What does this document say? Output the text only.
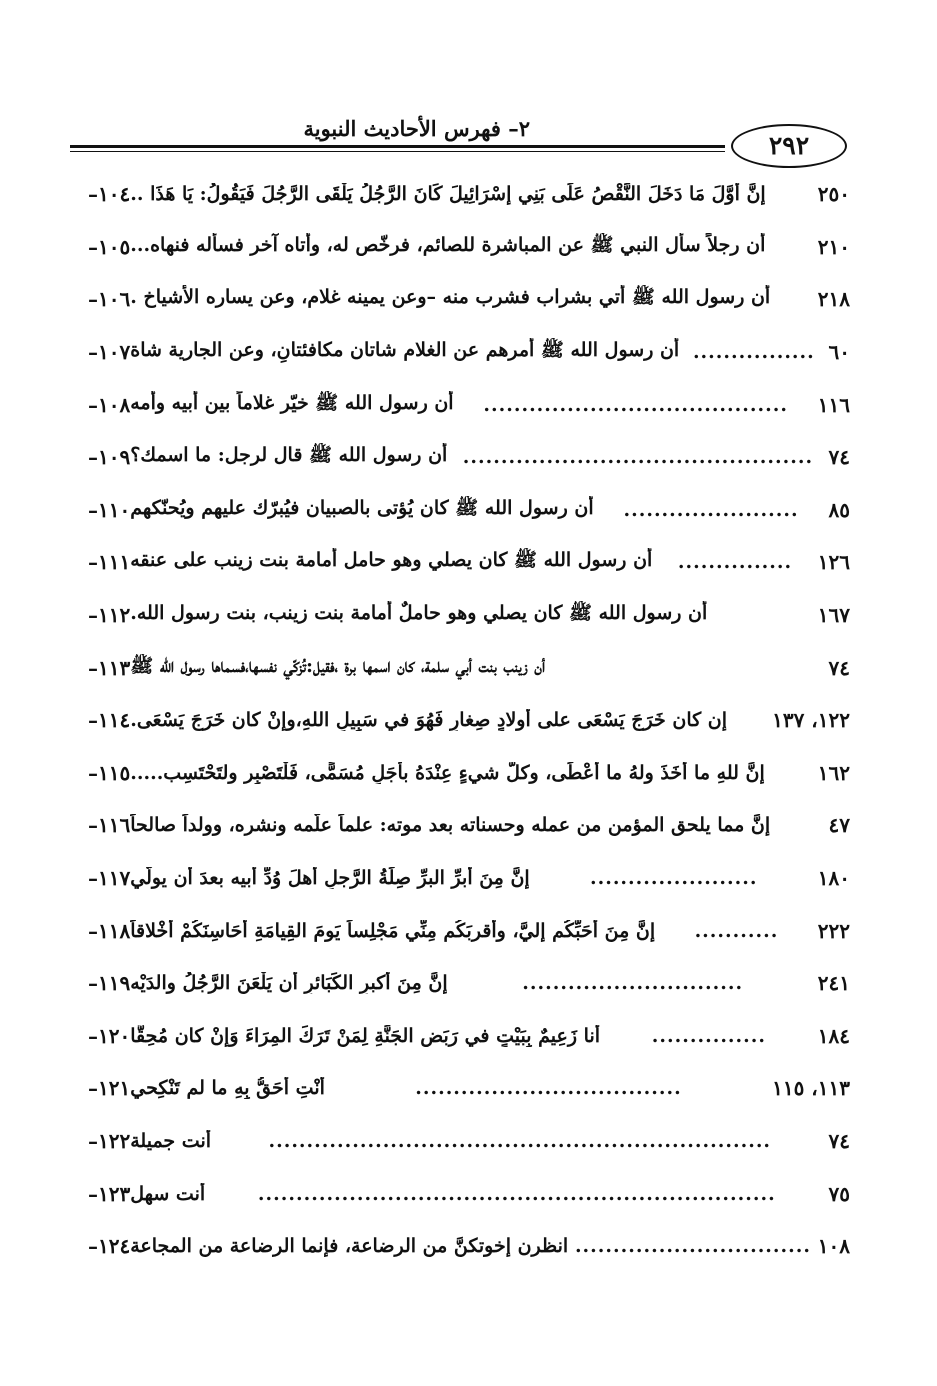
٢– فهرس الأحاديث النبوية
٢٩٢
١٠٤– إنَّ أَوَّلَ مَا دَخَلَ النَّقْصُ عَلَى بَنِي إِسْرَائِيلَ كَانَ الرَّجُلُ يَلْقَى الرَّجُلَ فَيَقُولُ: يَا هَذَا ..	٢٥٠
١٠٥– أن رجلاً سأل النبي ﷺ عن المباشرة للصائم، فرخّص له، وأتاه آخر فسأله فنهاه...	٢١٠
١٠٦– أن رسول الله ﷺ أُتي بشراب فشرب منه –وعن يمينه غلام، وعن يساره الأشياخ . ٢١٨
١٠٧– أن رسول الله ﷺ أمرهم عن الغلام شاتان مكافئتانِ، وعن الجارية شاة ................ ٦٠
١٠٨– أن رسول الله ﷺ خيّر غلاماً بين أبيه وأمه	........................................	١١٦
١٠٩– أن رسول الله ﷺ قال لرجل: ما اسمك؟ .............................................. ٧٤
١١٠– أن رسول الله ﷺ كان يُؤتى بالصبيان فيُبرّك عليهم ويُحنّكهم	.......................	٨٥
١١١– أن رسول الله ﷺ كان يصلي وهو حامل أمامة بنت زينب على عنقه	...............	١٢٦
١١٢– أن رسول الله ﷺ كان يصلي وهو حاملٌ أمامة بنت زينب، بنت رسول الله.	١٦٧
١١٣– أن زينب بنت أبي سلمة، كان اسمها برة ،فقيل:تُزكّي نفسها،فسماها رسول الله ﷺ	٧٤
١١٤– إن كان خَرَجَ يَسْعَى على أولادٍ صِغارٍ فَهُوَ في سَبِيلِ اللهِ،وإنْ كان خَرَجَ يَسْعَى. ١٢٢، ١٣٧
١١٥– إنَّ للهِ ما أَخَذَ ولهُ ما أَعْطَى، وكلّ شيءٍ عِنْدَهُ بأجَلٍ مُسَمًّى، فَلْتَصْبِر ولتَحْتَسِب.....	١٦٢
١١٦– إنَّ مما يلحق المؤمن من عمله وحسناته بعد موته: علماً علّمه ونشره، وولداً صالحاً	٤٧
١١٧– إنَّ مِنَ أبرِّ البرِّ صِلَةُ الرَّجلِ أهلَ وُدِّ أبيه بعدَ أن يولّي	......................	١٨٠
١١٨– إنَّ مِنَ أَحَبِّكُم إليَّ، وأقربَكُم مِنِّي مَجْلِساً يَومَ القِيامَةِ أحَاسِنَكُمْ أخْلاقاً	...........	٢٢٢
١١٩– إنَّ مِنَ أكبرِ الكَبَائرِ أن يَلْعَنَ الرَّجُلُ والدَيْه	.............................	٢٤١
١٢٠– أنا زَعِيمٌ بِبَيْتٍ في رَبَضِ الجَنَّةِ لِمَنْ تَرَكَ المِرَاءَ وَإنْ كان مُحِقًّا	...............	١٨٤
١٢١– أنْتِ أحَقُّ بِهِ ما لم تَنْكِحي	...................................	١١٣، ١١٥
١٢٢– أنت جميلة	..................................................................	٧٤
١٢٣– أنت سهل	....................................................................	٧٥
١٢٤– انظرن إخوتكنَّ من الرضاعة، فإنما الرضاعة من المجاعة ............................... ١٠٨
